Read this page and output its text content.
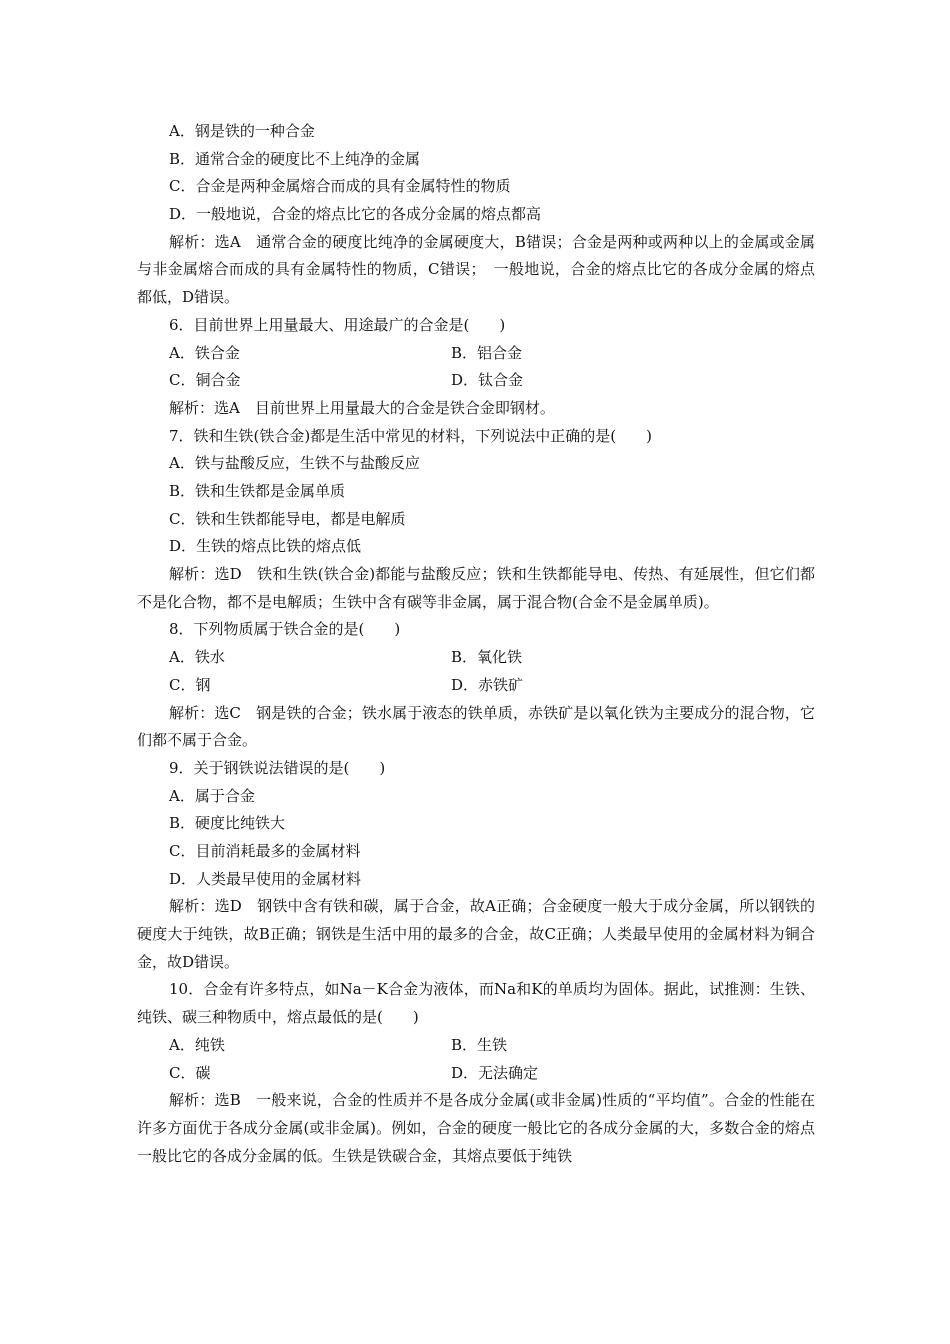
A．钢是铁的一种合金
B．通常合金的硬度比不上纯净的金属
C．合金是两种金属熔合而成的具有金属特性的物质
D．一般地说，合金的熔点比它的各成分金属的熔点都高
解析：选A　通常合金的硬度比纯净的金属硬度大，B错误；合金是两种或两种以上的金属或金属与非金属熔合而成的具有金属特性的物质，C错误；　一般地说，合金的熔点比它的各成分金属的熔点都低，D错误。
6．目前世界上用量最大、用途最广的合金是(　　)
A．铁合金	B．铝合金
C．铜合金	D．钛合金
解析：选A　目前世界上用量最大的合金是铁合金即钢材。
7．铁和生铁(铁合金)都是生活中常见的材料，下列说法中正确的是(　　)
A．铁与盐酸反应，生铁不与盐酸反应
B．铁和生铁都是金属单质
C．铁和生铁都能导电，都是电解质
D．生铁的熔点比铁的熔点低
解析：选D　铁和生铁(铁合金)都能与盐酸反应；铁和生铁都能导电、传热、有延展性，但它们都不是化合物，都不是电解质；生铁中含有碳等非金属，属于混合物(合金不是金属单质)。
8．下列物质属于铁合金的是(　　)
A．铁水	B．氧化铁
C．钢	D．赤铁矿
解析：选C　钢是铁的合金；铁水属于液态的铁单质，赤铁矿是以氧化铁为主要成分的混合物，它们都不属于合金。
9．关于钢铁说法错误的是(　　)
A．属于合金
B．硬度比纯铁大
C．目前消耗最多的金属材料
D．人类最早使用的金属材料
解析：选D　钢铁中含有铁和碳，属于合金，故A正确；合金硬度一般大于成分金属，所以钢铁的硬度大于纯铁，故B正确；钢铁是生活中用的最多的合金，故C正确；人类最早使用的金属材料为铜合金，故D错误。
10．合金有许多特点，如Na－K合金为液体，而Na和K的单质均为固体。据此，试推测：生铁、纯铁、碳三种物质中，熔点最低的是(　　)
A．纯铁	B．生铁
C．碳	D．无法确定
解析：选B　一般来说，合金的性质并不是各成分金属(或非金属)性质的“平均值”。合金的性能在许多方面优于各成分金属(或非金属)。例如，合金的硬度一般比它的各成分金属的大，多数合金的熔点一般比它的各成分金属的低。生铁是铁碳合金，其熔点要低于纯铁
